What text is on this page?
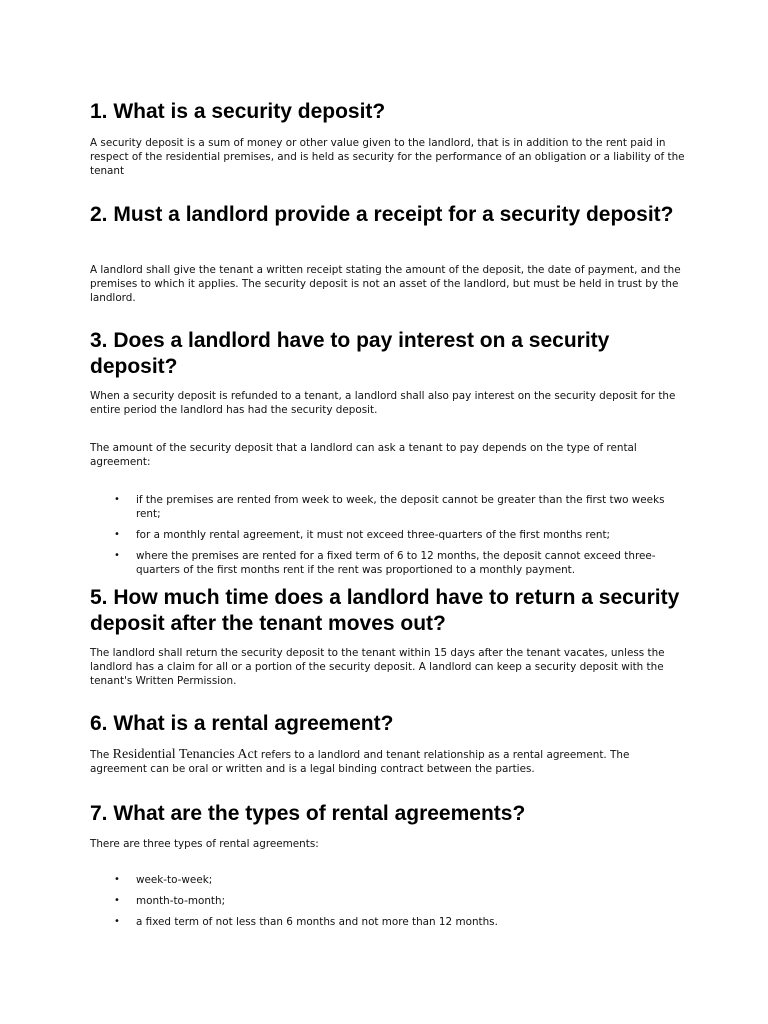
1. What is a security deposit?

A security deposit is a sum of money or other value given to the landlord, that is in addition to the rent paid in respect of the residential premises, and is held as security for the performance of an obligation or a liability of the tenant

2. Must a landlord provide a receipt for a security deposit?

A landlord shall give the tenant a written receipt stating the amount of the deposit, the date of payment, and the premises to which it applies. The security deposit is not an asset of the landlord, but must be held in trust by the landlord.

3. Does a landlord have to pay interest on a security deposit?

When a security deposit is refunded to a tenant, a landlord shall also pay interest on the security deposit for the entire period the landlord has had the security deposit.

The amount of the security deposit that a landlord can ask a tenant to pay depends on the type of rental agreement:

• if the premises are rented from week to week, the deposit cannot be greater than the first two weeks rent;
• for a monthly rental agreement, it must not exceed three-quarters of the first months rent;
• where the premises are rented for a fixed term of 6 to 12 months, the deposit cannot exceed three-quarters of the first months rent if the rent was proportioned to a monthly payment.
5. How much time does a landlord have to return a security deposit after the tenant moves out?

The landlord shall return the security deposit to the tenant within 15 days after the tenant vacates, unless the landlord has a claim for all or a portion of the security deposit. A landlord can keep a security deposit with the tenant's Written Permission.

6. What is a rental agreement?

The Residential Tenancies Act refers to a landlord and tenant relationship as a rental agreement. The agreement can be oral or written and is a legal binding contract between the parties.

7. What are the types of rental agreements?

There are three types of rental agreements:

• week-to-week;
• month-to-month;
• a fixed term of not less than 6 months and not more than 12 months.
